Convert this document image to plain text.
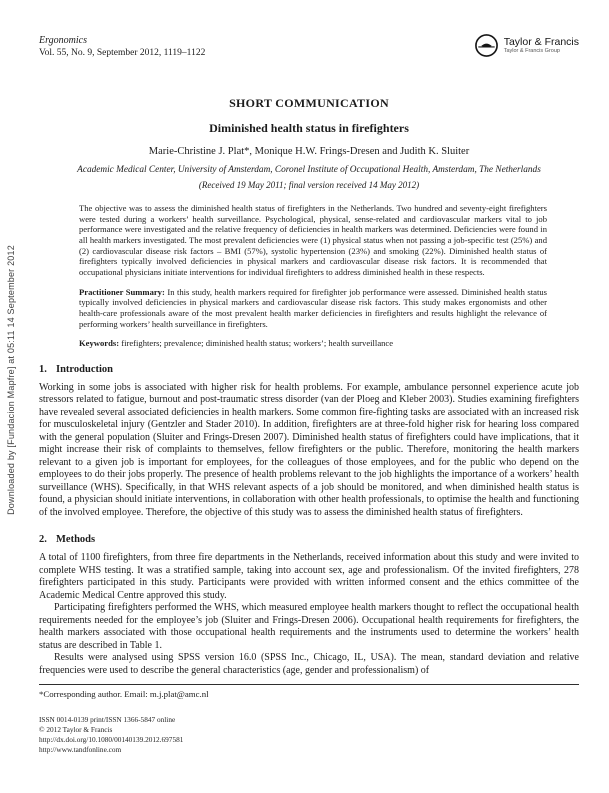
Downloaded by [Fundacion Mapfre] at 05:11 14 September 2012
Ergonomics
Vol. 55, No. 9, September 2012, 1119–1122
Taylor & Francis
Taylor & Francis Group
SHORT COMMUNICATION
Diminished health status in firefighters
Marie-Christine J. Plat*, Monique H.W. Frings-Dresen and Judith K. Sluiter
Academic Medical Center, University of Amsterdam, Coronel Institute of Occupational Health, Amsterdam, The Netherlands
(Received 19 May 2011; final version received 14 May 2012)

The objective was to assess the diminished health status of firefighters in the Netherlands. Two hundred and seventy-eight firefighters were tested during a workers’ health surveillance. Psychological, physical, sense-related and cardiovascular markers vital to job performance were investigated and the relative frequency of deficiencies in health markers was determined. Deficiencies were found in all health markers investigated. The most prevalent deficiencies were (1) physical status when not passing a job-specific test (25%) and (2) cardiovascular disease risk factors – BMI (57%), systolic hypertension (23%) and smoking (22%). Diminished health status of firefighters typically involved deficiencies in physical markers and cardiovascular disease risk factors. It is recommended that occupational physicians initiate interventions for individual firefighters to address diminished health in these respects.

Practitioner Summary: In this study, health markers required for firefighter job performance were assessed. Diminished health status typically involved deficiencies in physical markers and cardiovascular disease risk factors. This study makes ergonomists and other health-care professionals aware of the most prevalent health marker deficiencies in firefighters and results highlight the relevance of performing workers’ health surveillance in firefighters.

Keywords: firefighters; prevalence; diminished health status; workers’; health surveillance

1. Introduction

Working in some jobs is associated with higher risk for health problems. For example, ambulance personnel experience acute job stressors related to fatigue, burnout and post-traumatic stress disorder (van der Ploeg and Kleber 2003). Studies examining firefighters have revealed several associated deficiencies in health markers. Some common fire-fighting tasks are associated with an increased risk for musculoskeletal injury (Gentzler and Stader 2010). In addition, firefighters are at three-fold higher risk for hearing loss compared with the general population (Sluiter and Frings-Dresen 2007). Diminished health status of firefighters could have implications, that it might increase their risk of complaints to themselves, fellow firefighters or the public. Therefore, monitoring the health markers relevant to a given job is important for employees, for the colleagues of those employees, and for the public who depend on the employees to do their jobs properly. The presence of health problems relevant to the job highlights the importance of a workers’ health surveillance (WHS). Specifically, in that WHS relevant aspects of a job should be monitored, and when diminished health status is found, a physician should initiate interventions, in collaboration with other health professionals, to optimise the health and functioning of the involved employee. Therefore, the objective of this study was to assess the diminished health status of firefighters.

2. Methods

A total of 1100 firefighters, from three fire departments in the Netherlands, received information about this study and were invited to complete WHS testing. It was a stratified sample, taking into account sex, age and professionalism. Of the invited firefighters, 278 firefighters participated in this study. Participants were provided with written informed consent and the ethics committee of the Academic Medical Centre approved this study.

Participating firefighters performed the WHS, which measured employee health markers thought to reflect the occupational health requirements needed for the employee’s job (Sluiter and Frings-Dresen 2006). Occupational health requirements for firefighters, the health markers associated with those occupational health requirements and the instruments used to determine the workers’ health status are described in Table 1.

Results were analysed using SPSS version 16.0 (SPSS Inc., Chicago, IL, USA). The mean, standard deviation and relative frequencies were used to describe the general characteristics (age, gender and professionalism) of

*Corresponding author. Email: m.j.plat@amc.nl
ISSN 0014-0139 print/ISSN 1366-5847 online
© 2012 Taylor & Francis
http://dx.doi.org/10.1080/00140139.2012.697581
http://www.tandfonline.com
